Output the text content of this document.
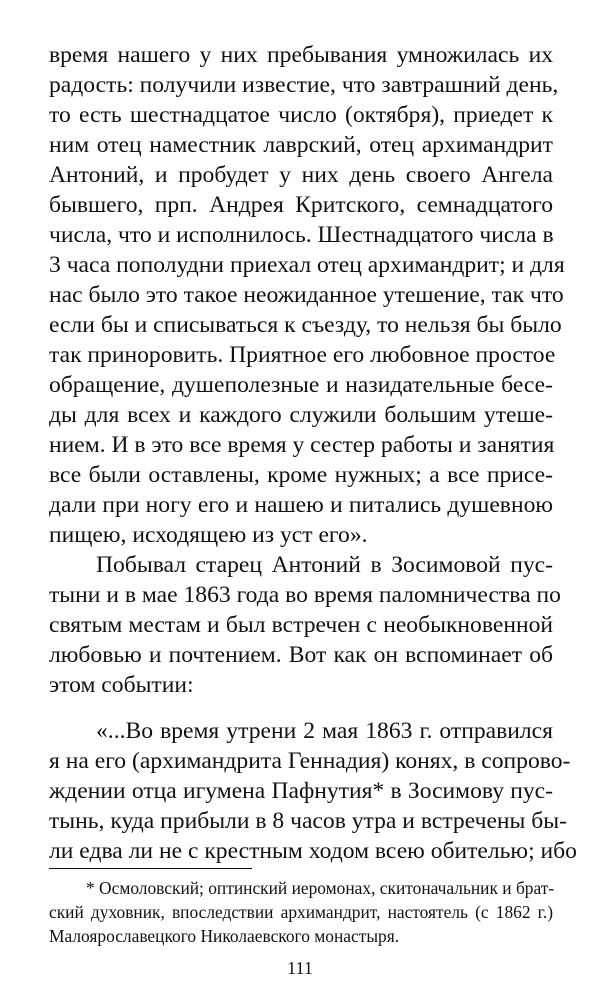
время нашего у них пребывания умножилась их
радость: получили известие, что завтрашний день,
то есть шестнадцатое число (октября), приедет к
ним отец наместник лаврский, отец архимандрит
Антоний, и пробудет у них день своего Ангела
бывшего, прп. Андрея Критского, семнадцатого
числа, что и исполнилось. Шестнадцатого числа в
3 часа пополудни приехал отец архимандрит; и для
нас было это такое неожиданное утешение, так что
если бы и списываться к съезду, то нельзя бы было
так приноровить. Приятное его любовное простое
обращение, душеполезные и назидательные бесе-
ды для всех и каждого служили большим утеше-
нием. И в это все время у сестер работы и занятия
все были оставлены, кроме нужных; а все присе-
дали при ногу его и нашею и питались душевною
пищею, исходящею из уст его».
Побывал старец Антоний в Зосимовой пус-
тыни и в мае 1863 года во время паломничества по
святым местам и был встречен с необыкновенной
любовью и почтением. Вот как он вспоминает об
этом событии:
«...Во время утрени 2 мая 1863 г. отправился
я на его (архимандрита Геннадия) конях, в сопрово-
ждении отца игумена Пафнутия* в Зосимову пус-
тынь, куда прибыли в 8 часов утра и встречены бы-
ли едва ли не с крестным ходом всею обителью; ибо
* Осмоловский; оптинский иеромонах, скитоначальник и брат-
ский духовник, впоследствии архимандрит, настоятель (с 1862 г.)
Малоярославецкого Николаевского монастыря.
111
